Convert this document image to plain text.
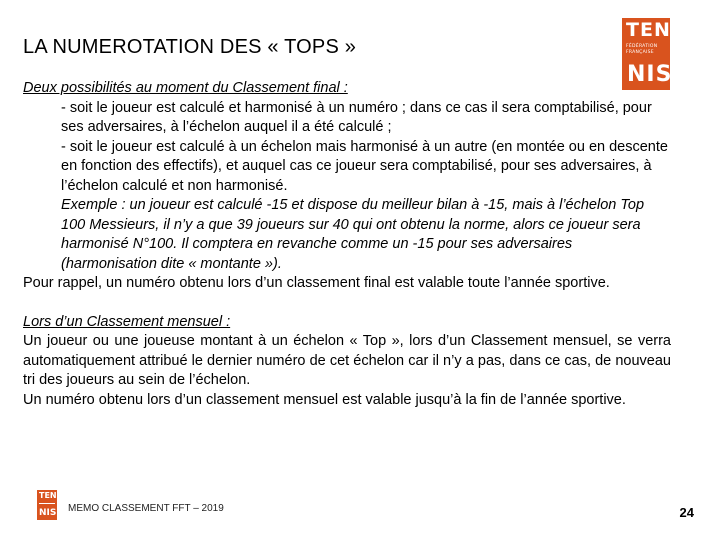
LA NUMEROTATION DES « TOPS »
TEN
FÉDÉRATION FRANÇAISE
NIS

Deux possibilités au moment du Classement final :

- soit le joueur est calculé et harmonisé à un numéro ; dans ce cas il sera comptabilisé, pour ses adversaires, à l’échelon auquel il a été calculé ;

- soit le joueur est calculé à un échelon mais harmonisé à un autre (en montée ou en descente en fonction des effectifs), et auquel cas ce joueur sera comptabilisé, pour ses adversaires, à l’échelon calculé et non harmonisé.

Exemple : un joueur est calculé -15 et dispose du meilleur bilan à -15, mais à l’échelon Top 100 Messieurs, il n’y a que 39 joueurs sur 40 qui ont obtenu la norme, alors ce joueur sera harmonisé N°100. Il comptera en revanche comme un -15 pour ses adversaires (harmonisation dite « montante »).

Pour rappel, un numéro obtenu lors d’un classement final est valable toute l’année sportive.

Lors d’un Classement mensuel :

Un joueur ou une joueuse montant à un échelon « Top », lors d’un Classement mensuel, se verra automatiquement attribué le dernier numéro de cet échelon car il n’y a pas, dans ce cas, de nouveau tri des joueurs au sein de l’échelon.

Un numéro obtenu lors d’un classement mensuel est valable jusqu’à la fin de l’année sportive.

TEN
NIS MEMO CLASSEMENT FFT – 2019	24
